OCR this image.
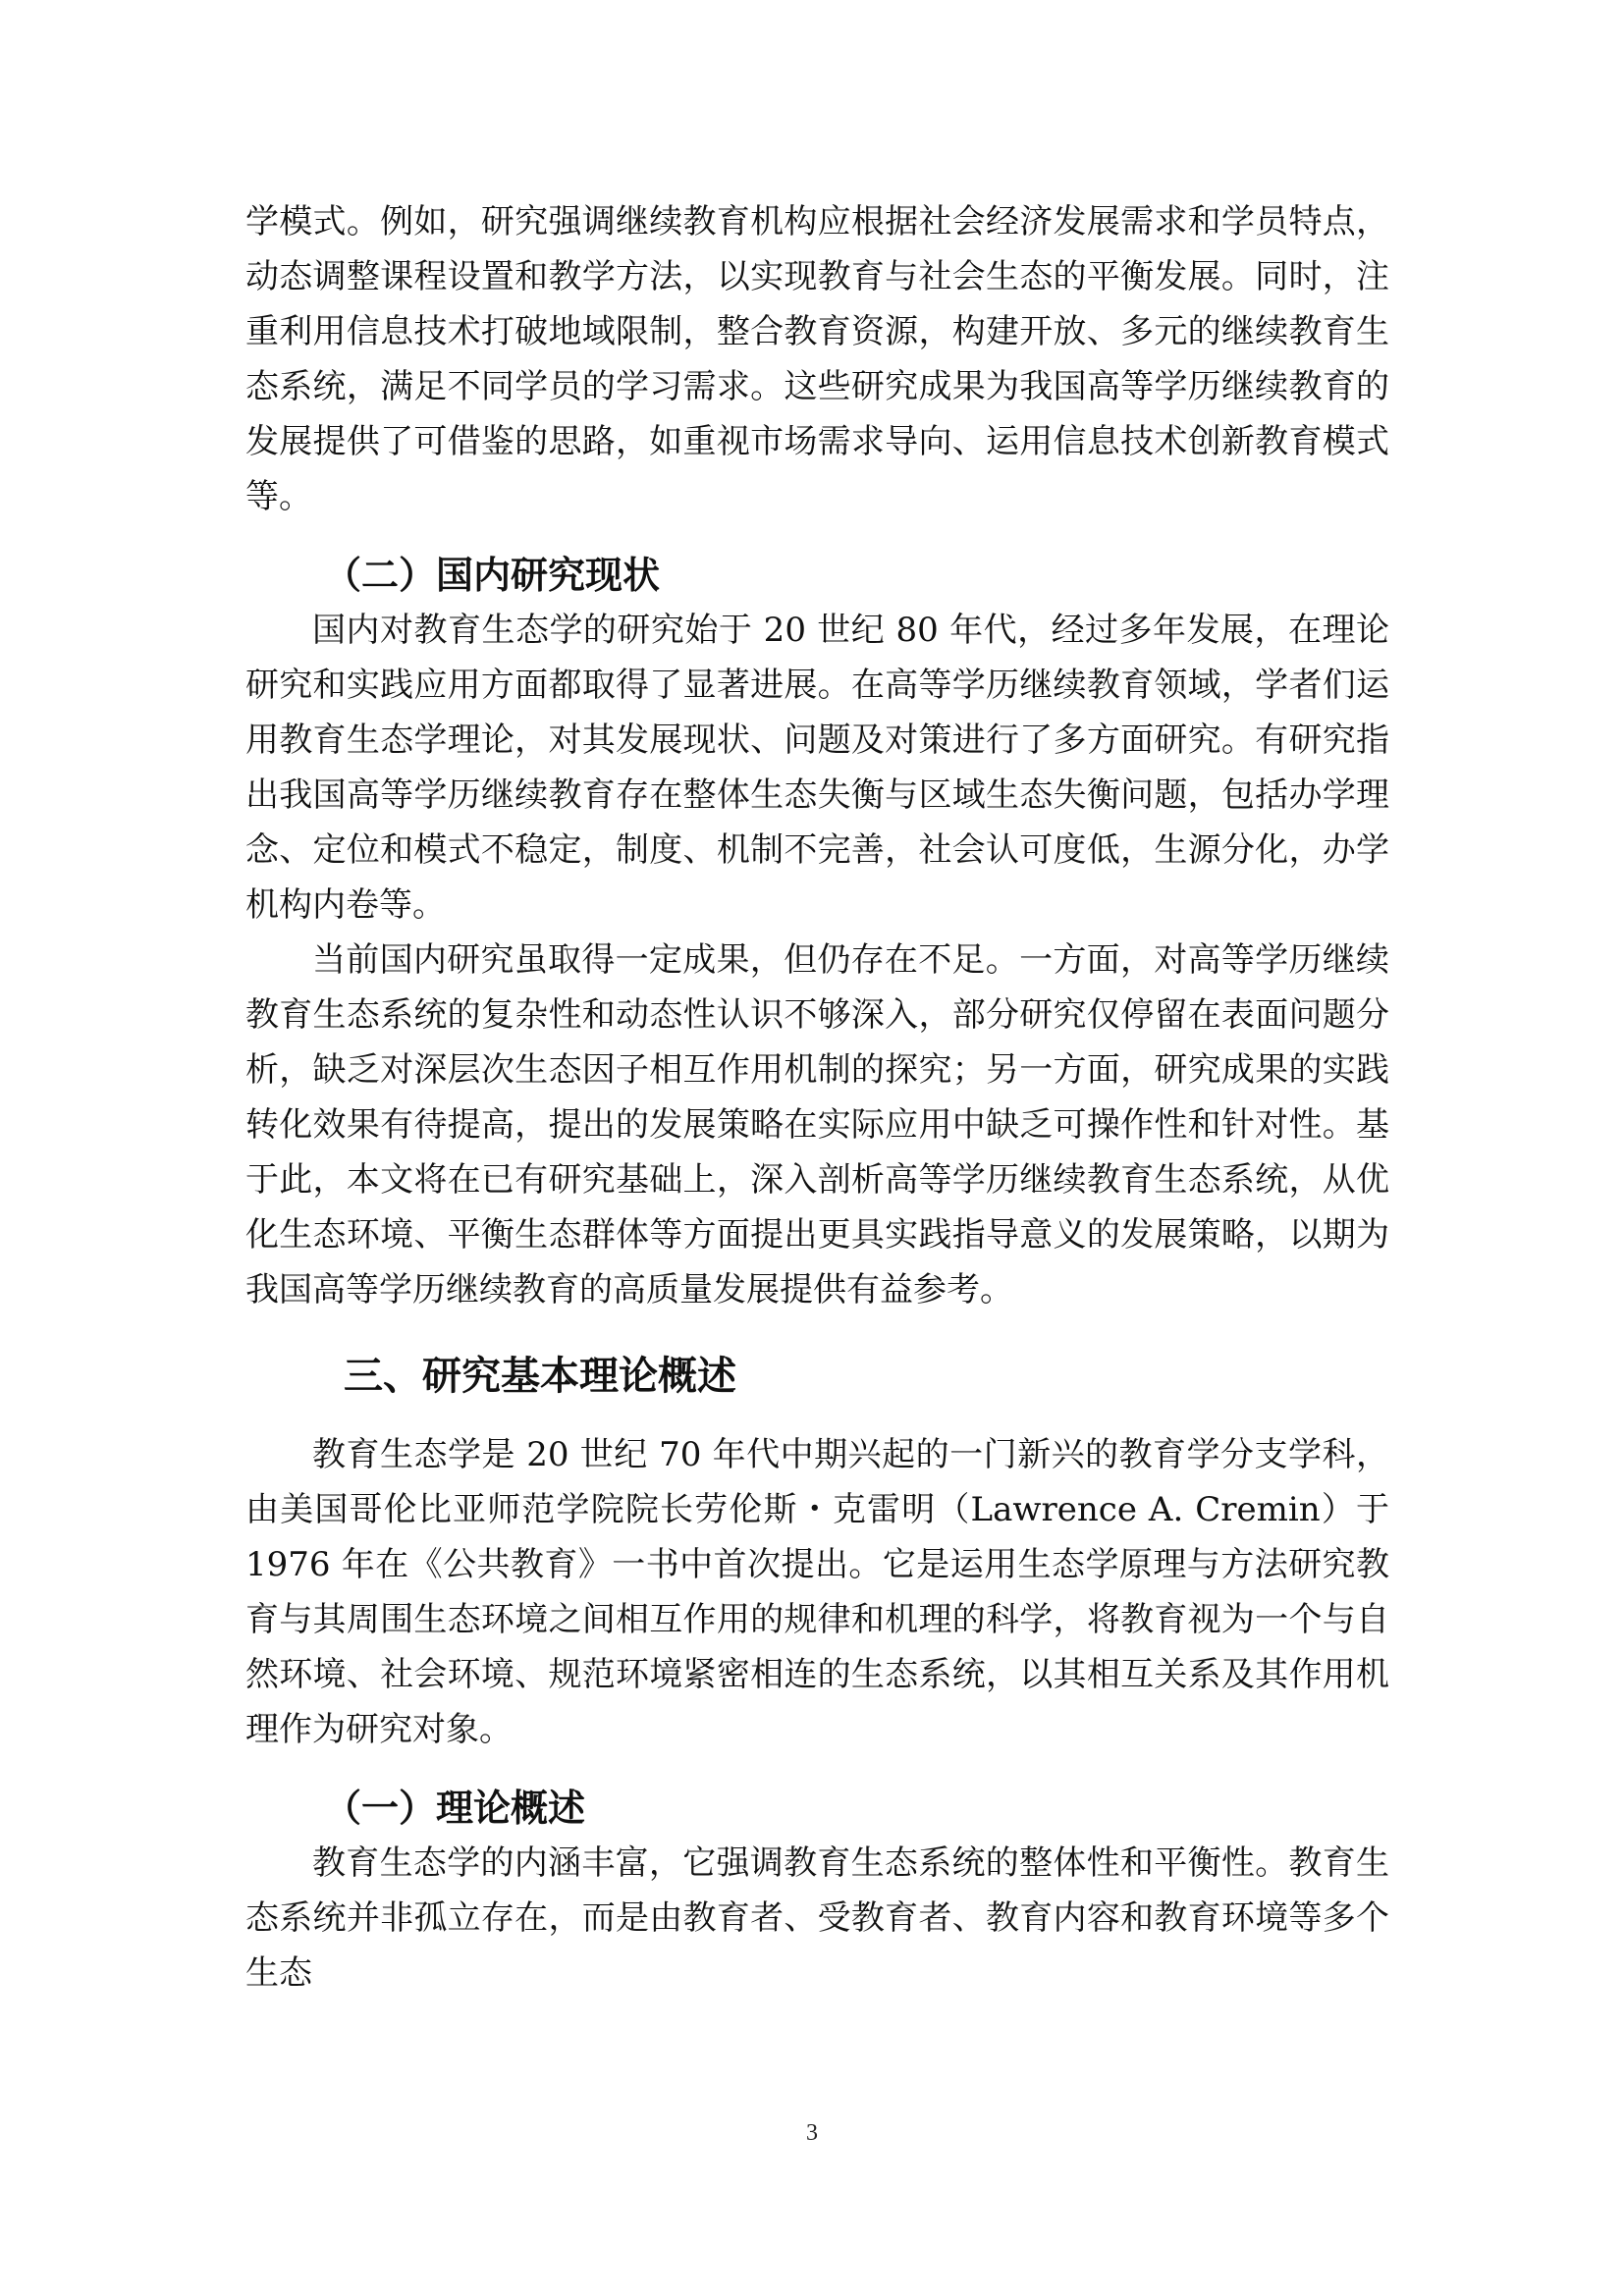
学模式。例如，研究强调继续教育机构应根据社会经济发展需求和学员特点，动态调整课程设置和教学方法，以实现教育与社会生态的平衡发展。同时，注重利用信息技术打破地域限制，整合教育资源，构建开放、多元的继续教育生态系统，满足不同学员的学习需求。这些研究成果为我国高等学历继续教育的发展提供了可借鉴的思路，如重视市场需求导向、运用信息技术创新教育模式等。

（二）国内研究现状

国内对教育生态学的研究始于 20 世纪 80 年代，经过多年发展，在理论研究和实践应用方面都取得了显著进展。在高等学历继续教育领域，学者们运用教育生态学理论，对其发展现状、问题及对策进行了多方面研究。有研究指出我国高等学历继续教育存在整体生态失衡与区域生态失衡问题，包括办学理念、定位和模式不稳定，制度、机制不完善，社会认可度低，生源分化，办学机构内卷等。

当前国内研究虽取得一定成果，但仍存在不足。一方面，对高等学历继续教育生态系统的复杂性和动态性认识不够深入，部分研究仅停留在表面问题分析，缺乏对深层次生态因子相互作用机制的探究；另一方面，研究成果的实践转化效果有待提高，提出的发展策略在实际应用中缺乏可操作性和针对性。基于此，本文将在已有研究基础上，深入剖析高等学历继续教育生态系统，从优化生态环境、平衡生态群体等方面提出更具实践指导意义的发展策略，以期为我国高等学历继续教育的高质量发展提供有益参考。

三、研究基本理论概述

教育生态学是 20 世纪 70 年代中期兴起的一门新兴的教育学分支学科，由美国哥伦比亚师范学院院长劳伦斯・克雷明（Lawrence A. Cremin）于 1976 年在《公共教育》一书中首次提出。它是运用生态学原理与方法研究教育与其周围生态环境之间相互作用的规律和机理的科学，将教育视为一个与自然环境、社会环境、规范环境紧密相连的生态系统，以其相互关系及其作用机理作为研究对象。

（一）理论概述

教育生态学的内涵丰富，它强调教育生态系统的整体性和平衡性。教育生态系统并非孤立存在，而是由教育者、受教育者、教育内容和教育环境等多个生态

3
